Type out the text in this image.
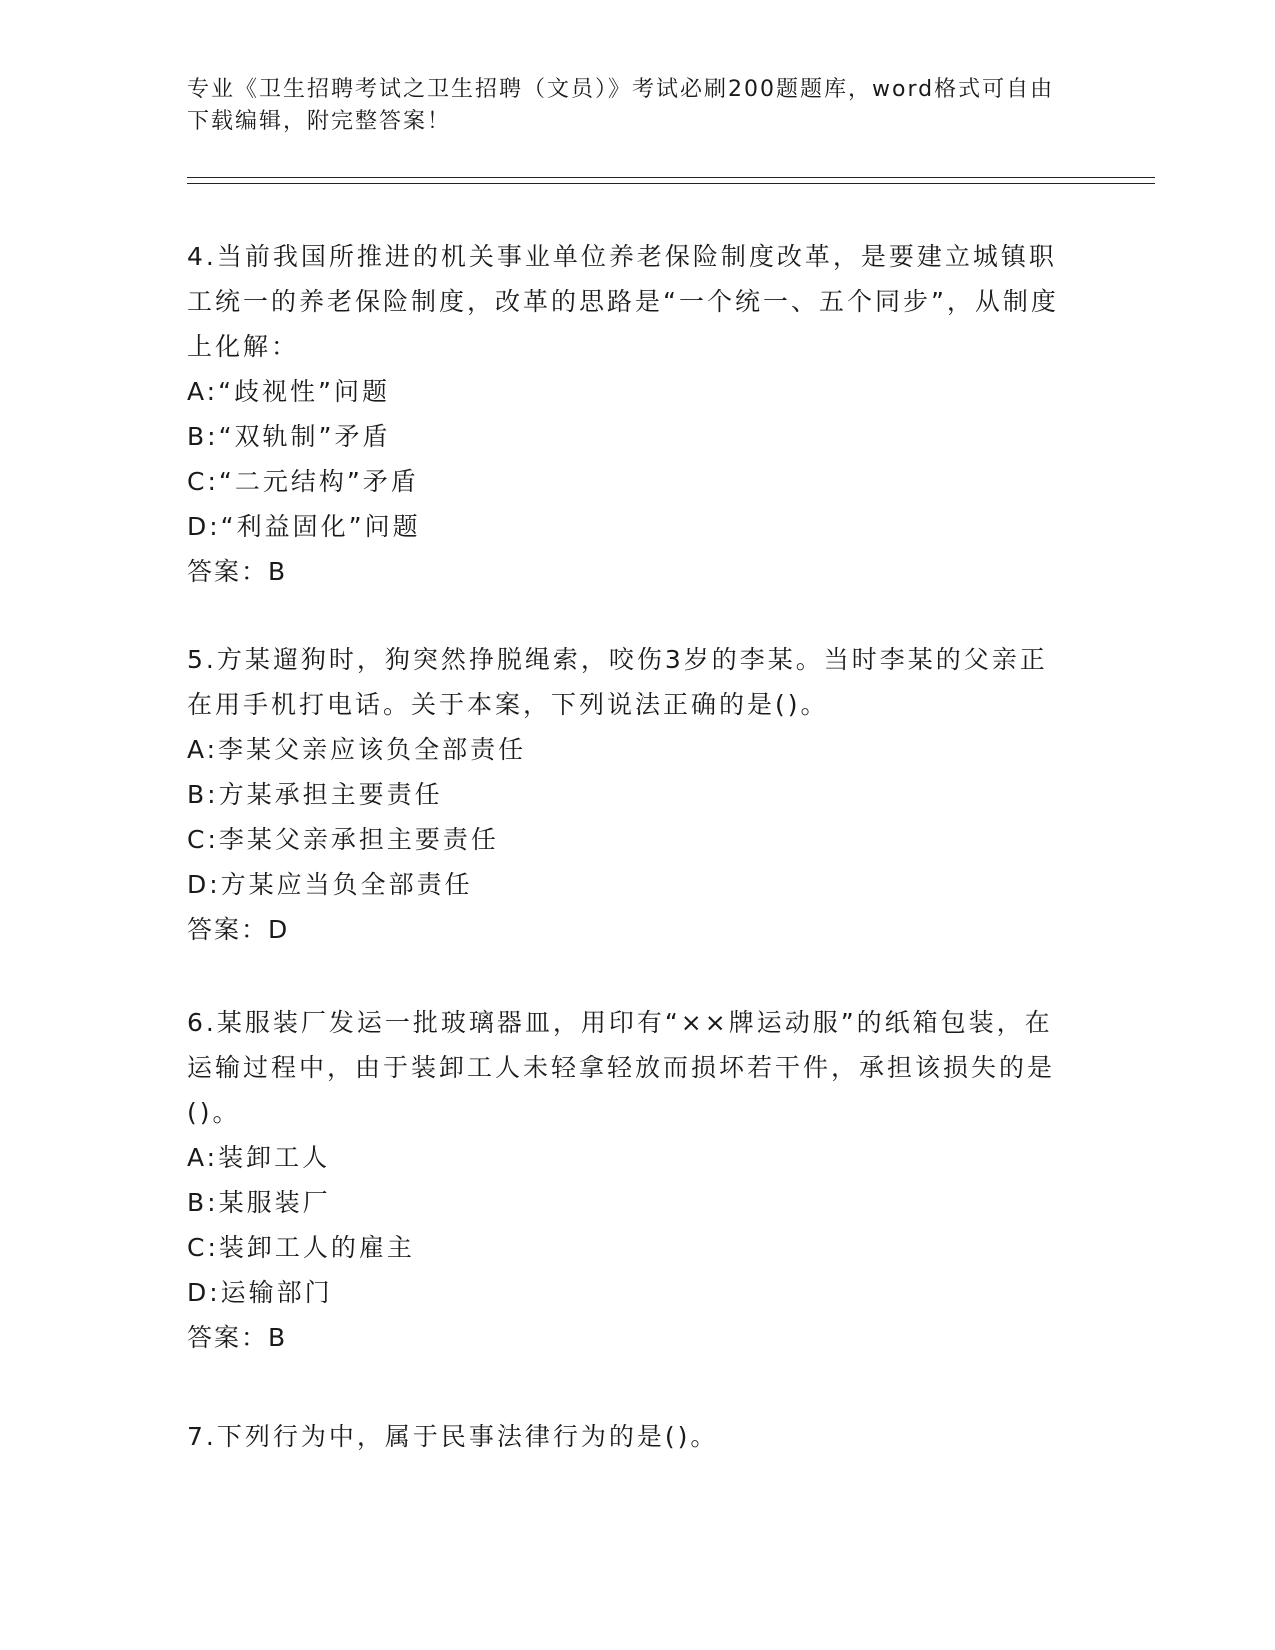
专业《卫生招聘考试之卫生招聘（文员）》考试必刷200题题库，word格式可自由下载编辑，附完整答案！
4.当前我国所推进的机关事业单位养老保险制度改革，是要建立城镇职工统一的养老保险制度，改革的思路是“一个统一、五个同步”，从制度上化解：
A:“歧视性”问题
B:“双轨制”矛盾
C:“二元结构”矛盾
D:“利益固化”问题
答案：B
5.方某遛狗时，狗突然挣脱绳索，咬伤3岁的李某。当时李某的父亲正在用手机打电话。关于本案，下列说法正确的是()。
A:李某父亲应该负全部责任
B:方某承担主要责任
C:李某父亲承担主要责任
D:方某应当负全部责任
答案：D
6.某服装厂发运一批玻璃器皿，用印有“××牌运动服”的纸箱包装，在运输过程中，由于装卸工人未轻拿轻放而损坏若干件，承担该损失的是()。
A:装卸工人
B:某服装厂
C:装卸工人的雇主
D:运输部门
答案：B
7.下列行为中，属于民事法律行为的是()。
